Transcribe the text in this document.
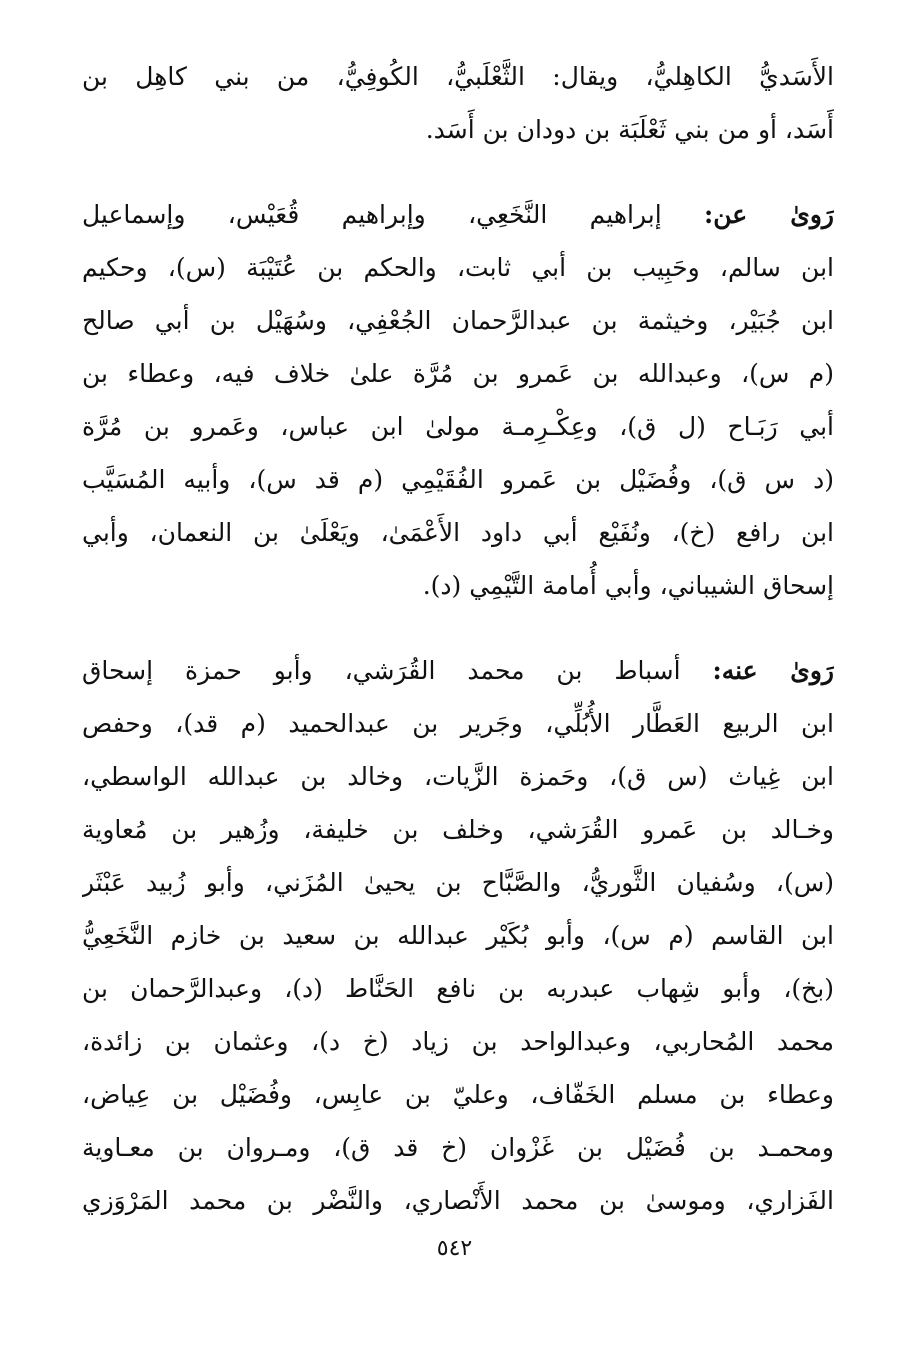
الأَسَديُّ الكاهِليُّ، ويقال: الثَّعْلَبيُّ، الكُوفِيُّ، من بني كاهِل بن
أَسَد، أو من بني ثَعْلَبَة بن دودان بن أَسَد.
رَوىٰ عن: إبراهيم النَّخَعِي، وإبراهيم قُعَيْس، وإسماعيل
ابن سالم، وحَبِيب بن أبي ثابت، والحكم بن عُتَيْبَة (س)، وحكيم
ابن جُبَيْر، وخيثمة بن عبدالرَّحمان الجُعْفِي، وسُهَيْل بن أبي صالح
(م س)، وعبدالله بن عَمرو بن مُرَّة علىٰ خلاف فيه، وعطاء بن
أبي رَبَـاح (ل ق)، وعِكْـرِمـة مولىٰ ابن عباس، وعَمرو بن مُرَّة
(د س ق)، وفُضَيْل بن عَمرو الفُقَيْمِي (م قد س)، وأبيه المُسَيَّب
ابن رافع (خ)، ونُفَيْع أبي داود الأَعْمَىٰ، ويَعْلَىٰ بن النعمان، وأبي
إسحاق الشيباني، وأبي أُمامة التَّيْمِي (د).
رَوىٰ عنه: أسباط بن محمد القُرَشي، وأبو حمزة إسحاق
ابن الربيع العَطَّار الأُبُلِّي، وجَرير بن عبدالحميد (م قد)، وحفص
ابن غِياث (س ق)، وحَمزة الزَّيات، وخالد بن عبدالله الواسطي،
وخـالد بن عَمرو القُرَشي، وخلف بن خليفة، وزُهير بن مُعاوية
(س)، وسُفيان الثَّوريُّ، والصَّبَّاح بن يحيىٰ المُزَني، وأبو زُبيد عَبْثَر
ابن القاسم (م س)، وأبو بُكَيْر عبدالله بن سعيد بن خازم النَّخَعِيُّ
(بخ)، وأبو شِهاب عبدربه بن نافع الحَنَّاط (د)، وعبدالرَّحمان بن
محمد المُحاربي، وعبدالواحد بن زياد (خ د)، وعثمان بن زائدة،
وعطاء بن مسلم الخَفّاف، وعليّ بن عابِس، وفُضَيْل بن عِياض،
ومحمـد بن فُضَيْل بن غَزْوان (خ قد ق)، ومـروان بن معـاوية
الفَزاري، وموسىٰ بن محمد الأَنْصاري، والنَّضْر بن محمد المَرْوَزي
٥٤٢
